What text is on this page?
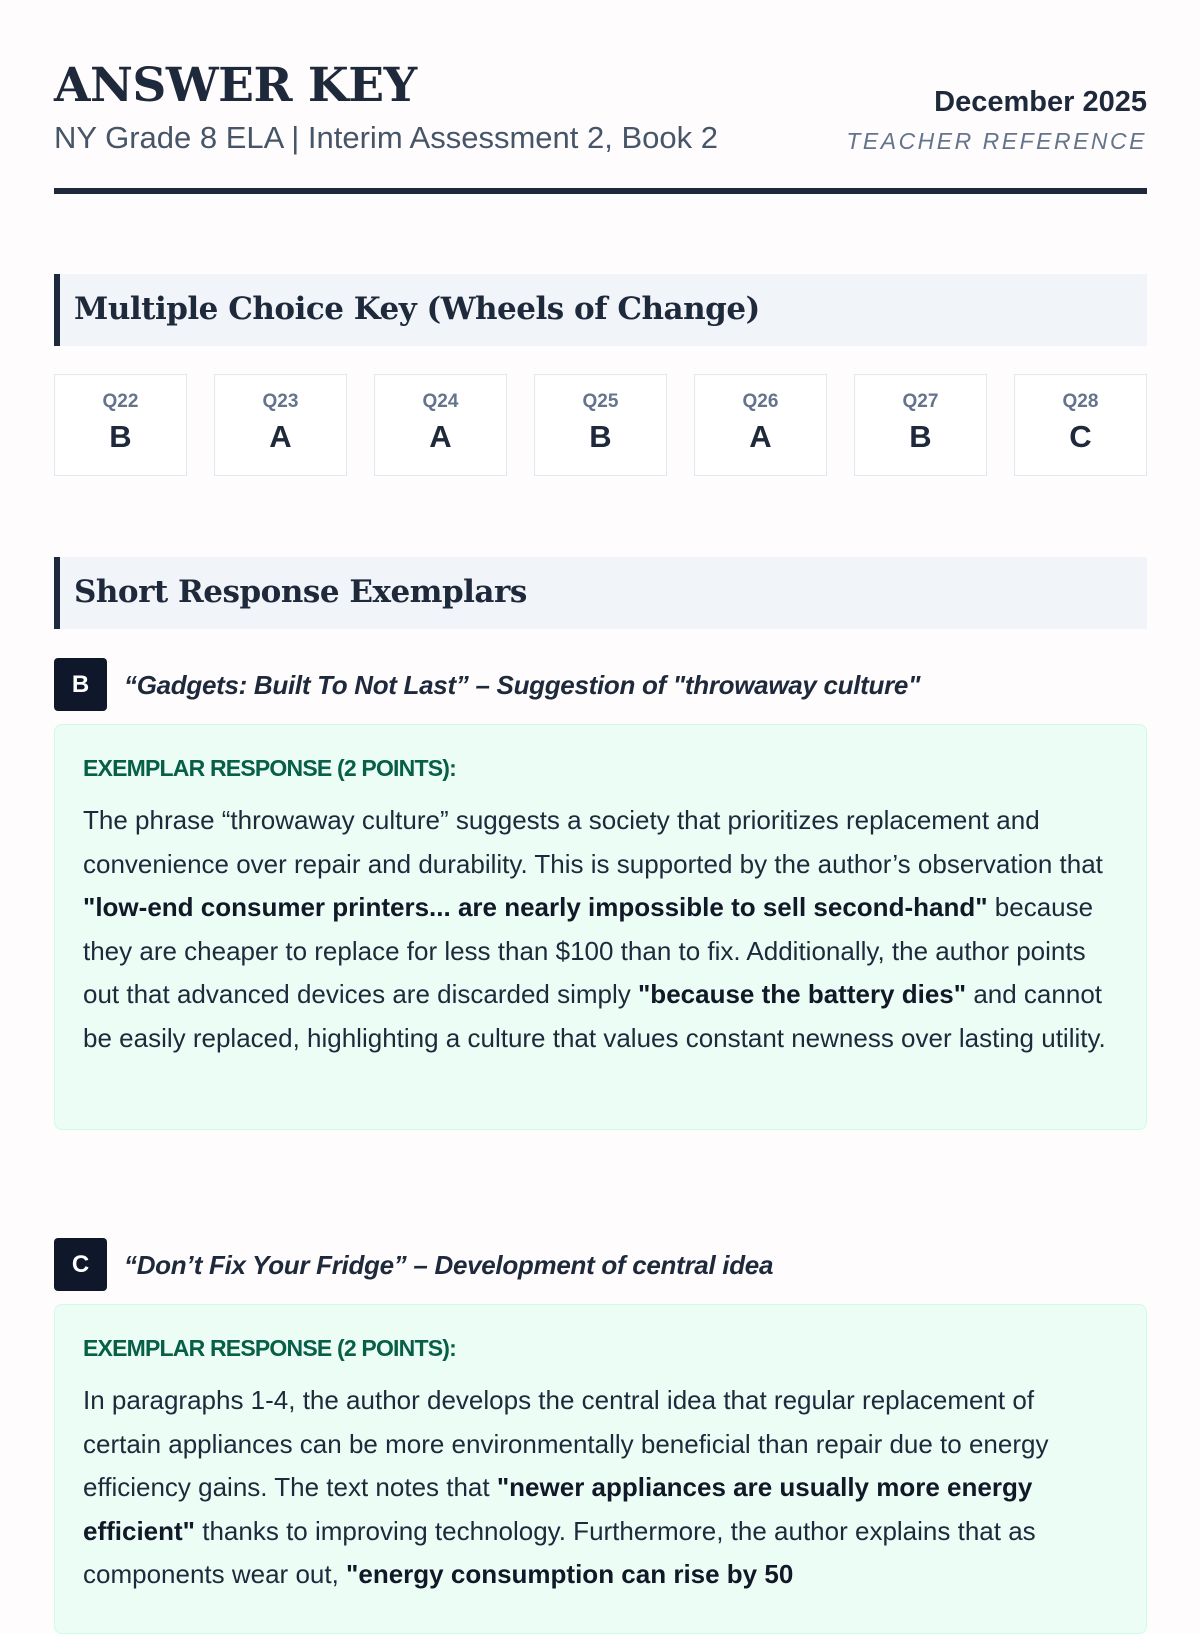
ANSWER KEY
NY Grade 8 ELA | Interim Assessment 2, Book 2
December 2025
TEACHER REFERENCE
Multiple Choice Key (Wheels of Change)
Q22
B
Q23
A
Q24
A
Q25
B
Q26
A
Q27
B
Q28
C
Short Response Exemplars
B	“Gadgets: Built To Not Last” – Suggestion of "throwaway culture"
EXEMPLAR RESPONSE (2 POINTS):

The phrase “throwaway culture” suggests a society that prioritizes replacement and convenience over repair and durability. This is supported by the author’s observation that "low-end consumer printers... are nearly impossible to sell second-hand" because they are cheaper to replace for less than $100 than to fix. Additionally, the author points out that advanced devices are discarded simply "because the battery dies" and cannot be easily replaced, highlighting a culture that values constant newness over lasting utility.

C	“Don’t Fix Your Fridge” – Development of central idea
EXEMPLAR RESPONSE (2 POINTS):

In paragraphs 1-4, the author develops the central idea that regular replacement of certain appliances can be more environmentally beneficial than repair due to energy efficiency gains. The text notes that "newer appliances are usually more energy efficient" thanks to improving technology. Furthermore, the author explains that as components wear out, "energy consumption can rise by 50
